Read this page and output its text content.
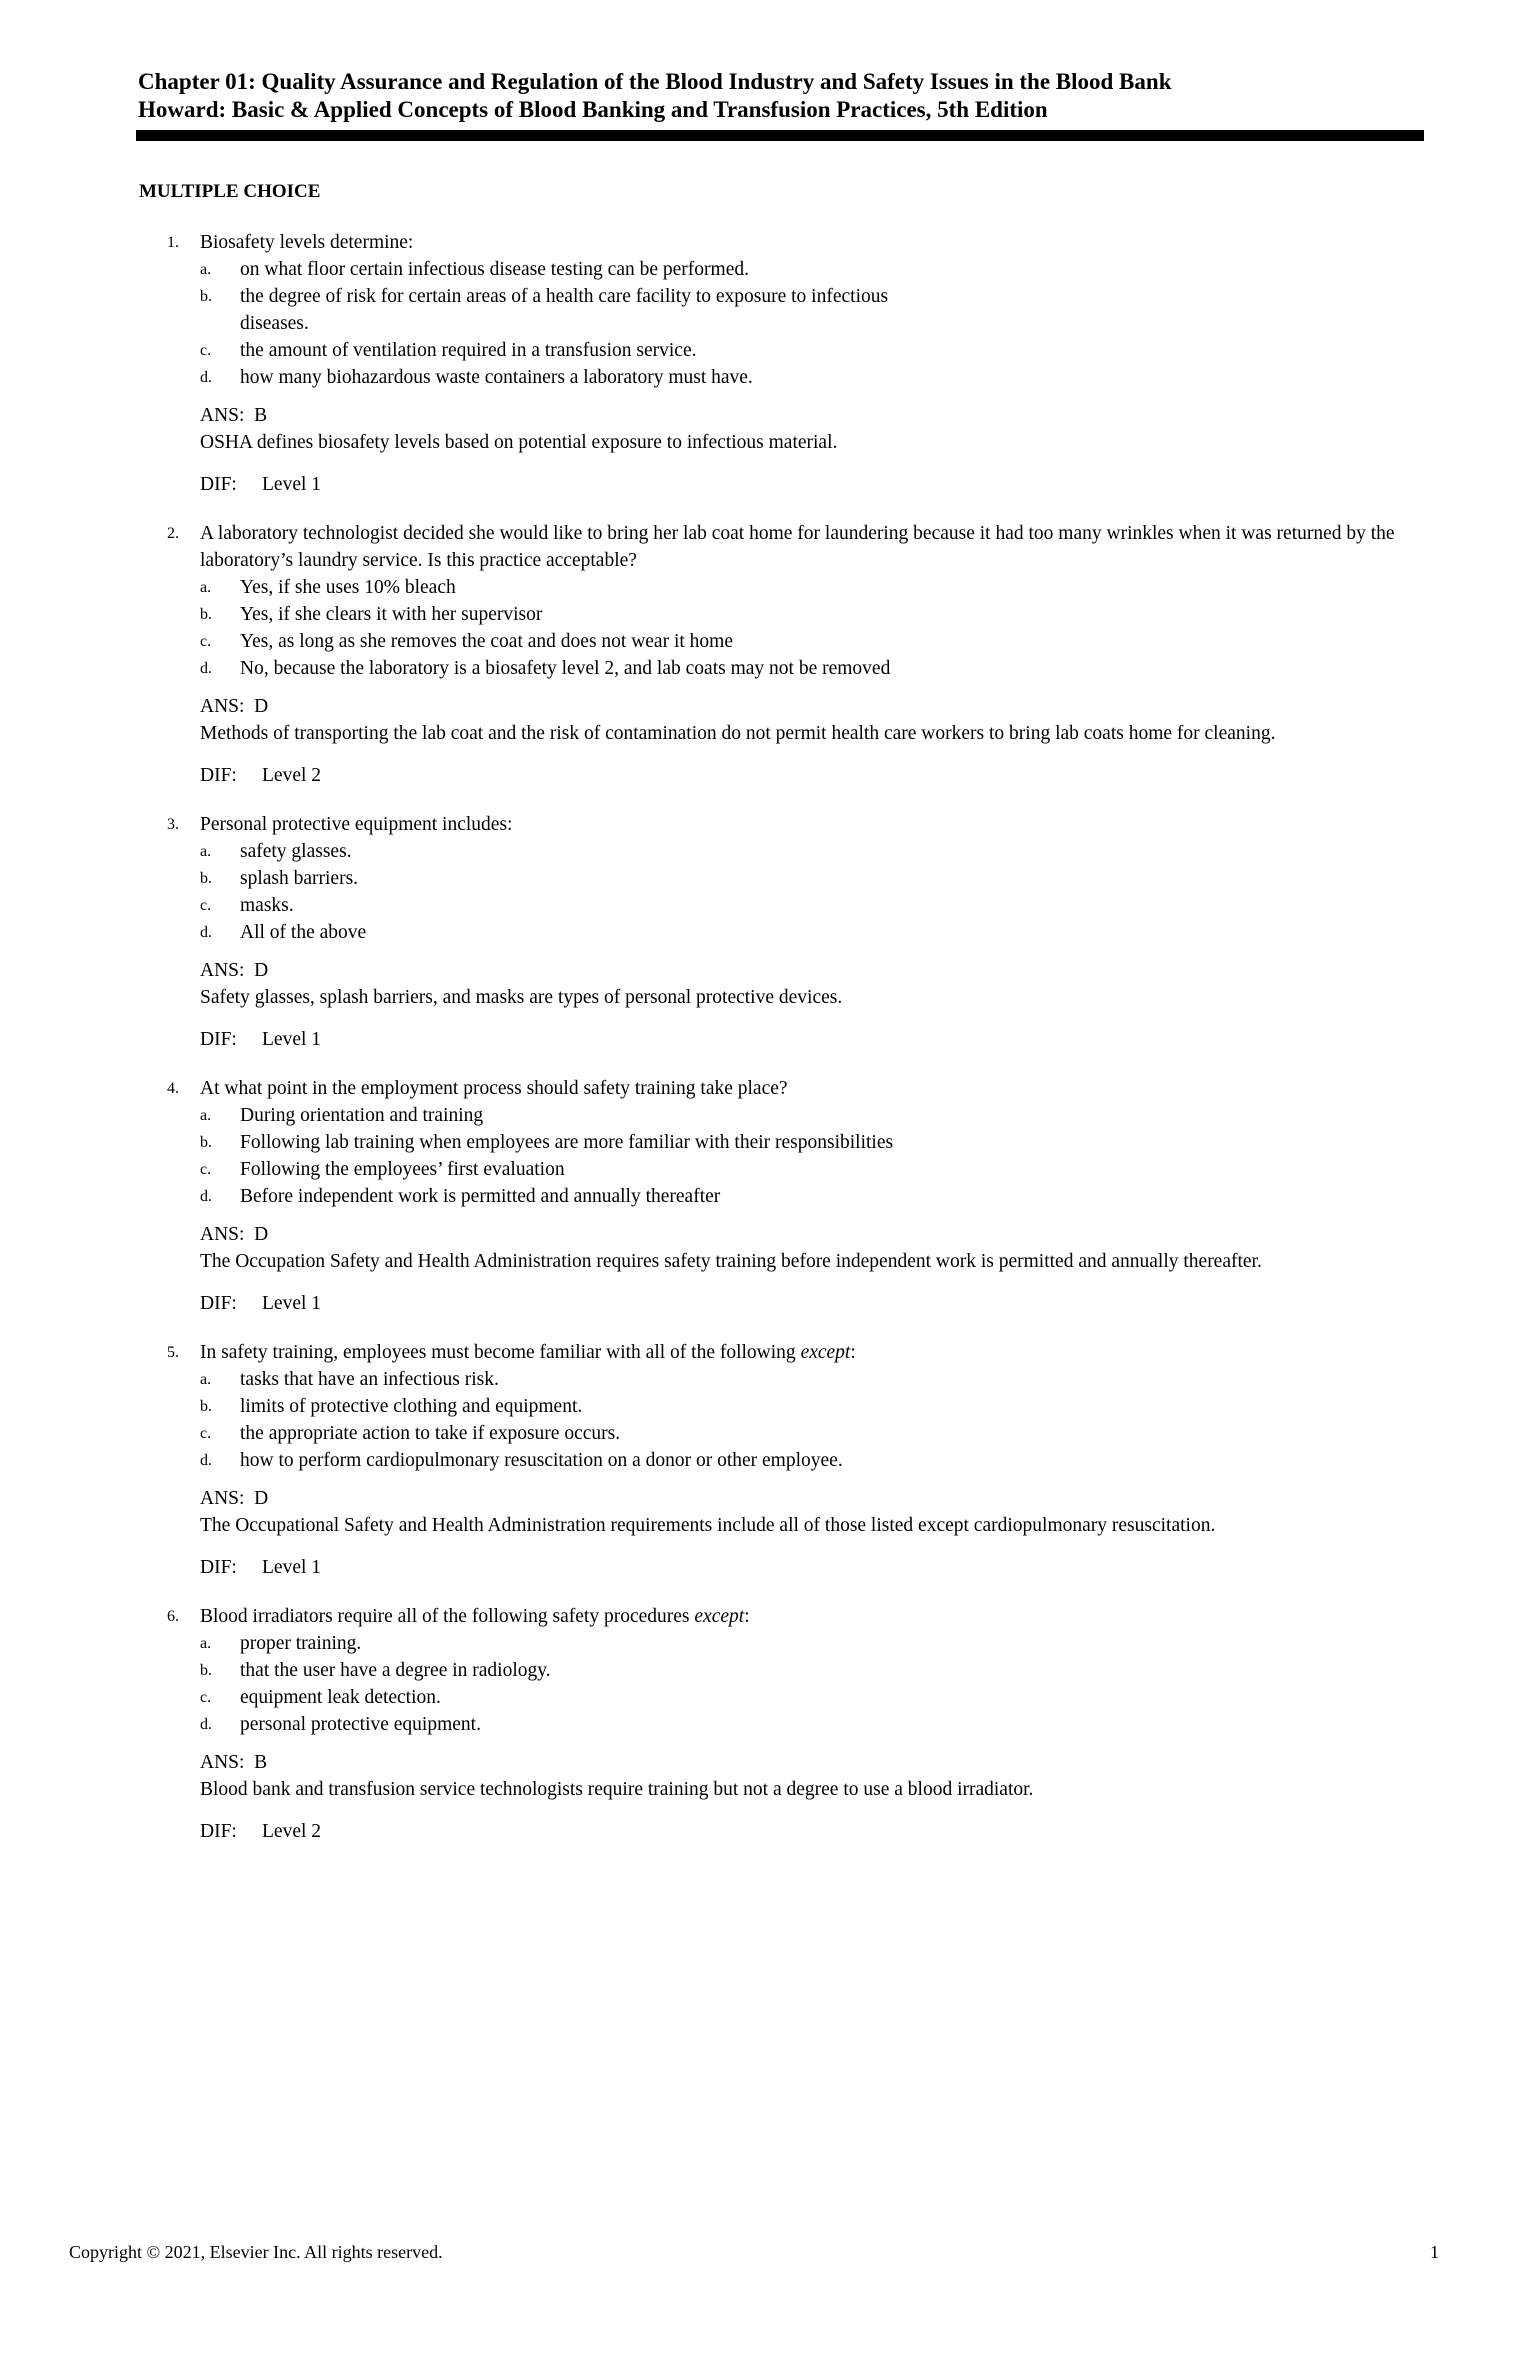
Chapter 01: Quality Assurance and Regulation of the Blood Industry and Safety Issues in the Blood Bank
Howard: Basic & Applied Concepts of Blood Banking and Transfusion Practices, 5th Edition
MULTIPLE CHOICE
1. Biosafety levels determine:
a.	on what floor certain infectious disease testing can be performed.
b.	the degree of risk for certain areas of a health care facility to exposure to infectious diseases.
c.	the amount of ventilation required in a transfusion service.
d.	how many biohazardous waste containers a laboratory must have.
ANS:  B
OSHA defines biosafety levels based on potential exposure to infectious material.
DIF: Level 1
2. A laboratory technologist decided she would like to bring her lab coat home for laundering because it had too many wrinkles when it was returned by the laboratory’s laundry service. Is this practice acceptable?
a.	Yes, if she uses 10% bleach
b.	Yes, if she clears it with her supervisor
c.	Yes, as long as she removes the coat and does not wear it home
d.	No, because the laboratory is a biosafety level 2, and lab coats may not be removed
ANS:  D
Methods of transporting the lab coat and the risk of contamination do not permit health care workers to bring lab coats home for cleaning.
DIF: Level 2
3. Personal protective equipment includes:
a.	safety glasses.
b.	splash barriers.
c.	masks.
d.	All of the above
ANS:  D
Safety glasses, splash barriers, and masks are types of personal protective devices.
DIF: Level 1
4. At what point in the employment process should safety training take place?
a.	During orientation and training
b.	Following lab training when employees are more familiar with their responsibilities
c.	Following the employees’ first evaluation
d.	Before independent work is permitted and annually thereafter
ANS:  D
The Occupation Safety and Health Administration requires safety training before independent work is permitted and annually thereafter.
DIF: Level 1
5. In safety training, employees must become familiar with all of the following except:
a.	tasks that have an infectious risk.
b.	limits of protective clothing and equipment.
c.	the appropriate action to take if exposure occurs.
d.	how to perform cardiopulmonary resuscitation on a donor or other employee.
ANS:  D
The Occupational Safety and Health Administration requirements include all of those listed except cardiopulmonary resuscitation.
DIF: Level 1
6. Blood irradiators require all of the following safety procedures except:
a.	proper training.
b.	that the user have a degree in radiology.
c.	equipment leak detection.
d.	personal protective equipment.
ANS:  B
Blood bank and transfusion service technologists require training but not a degree to use a blood irradiator.
DIF: Level 2
Copyright © 2021, Elsevier Inc. All rights reserved.	1
